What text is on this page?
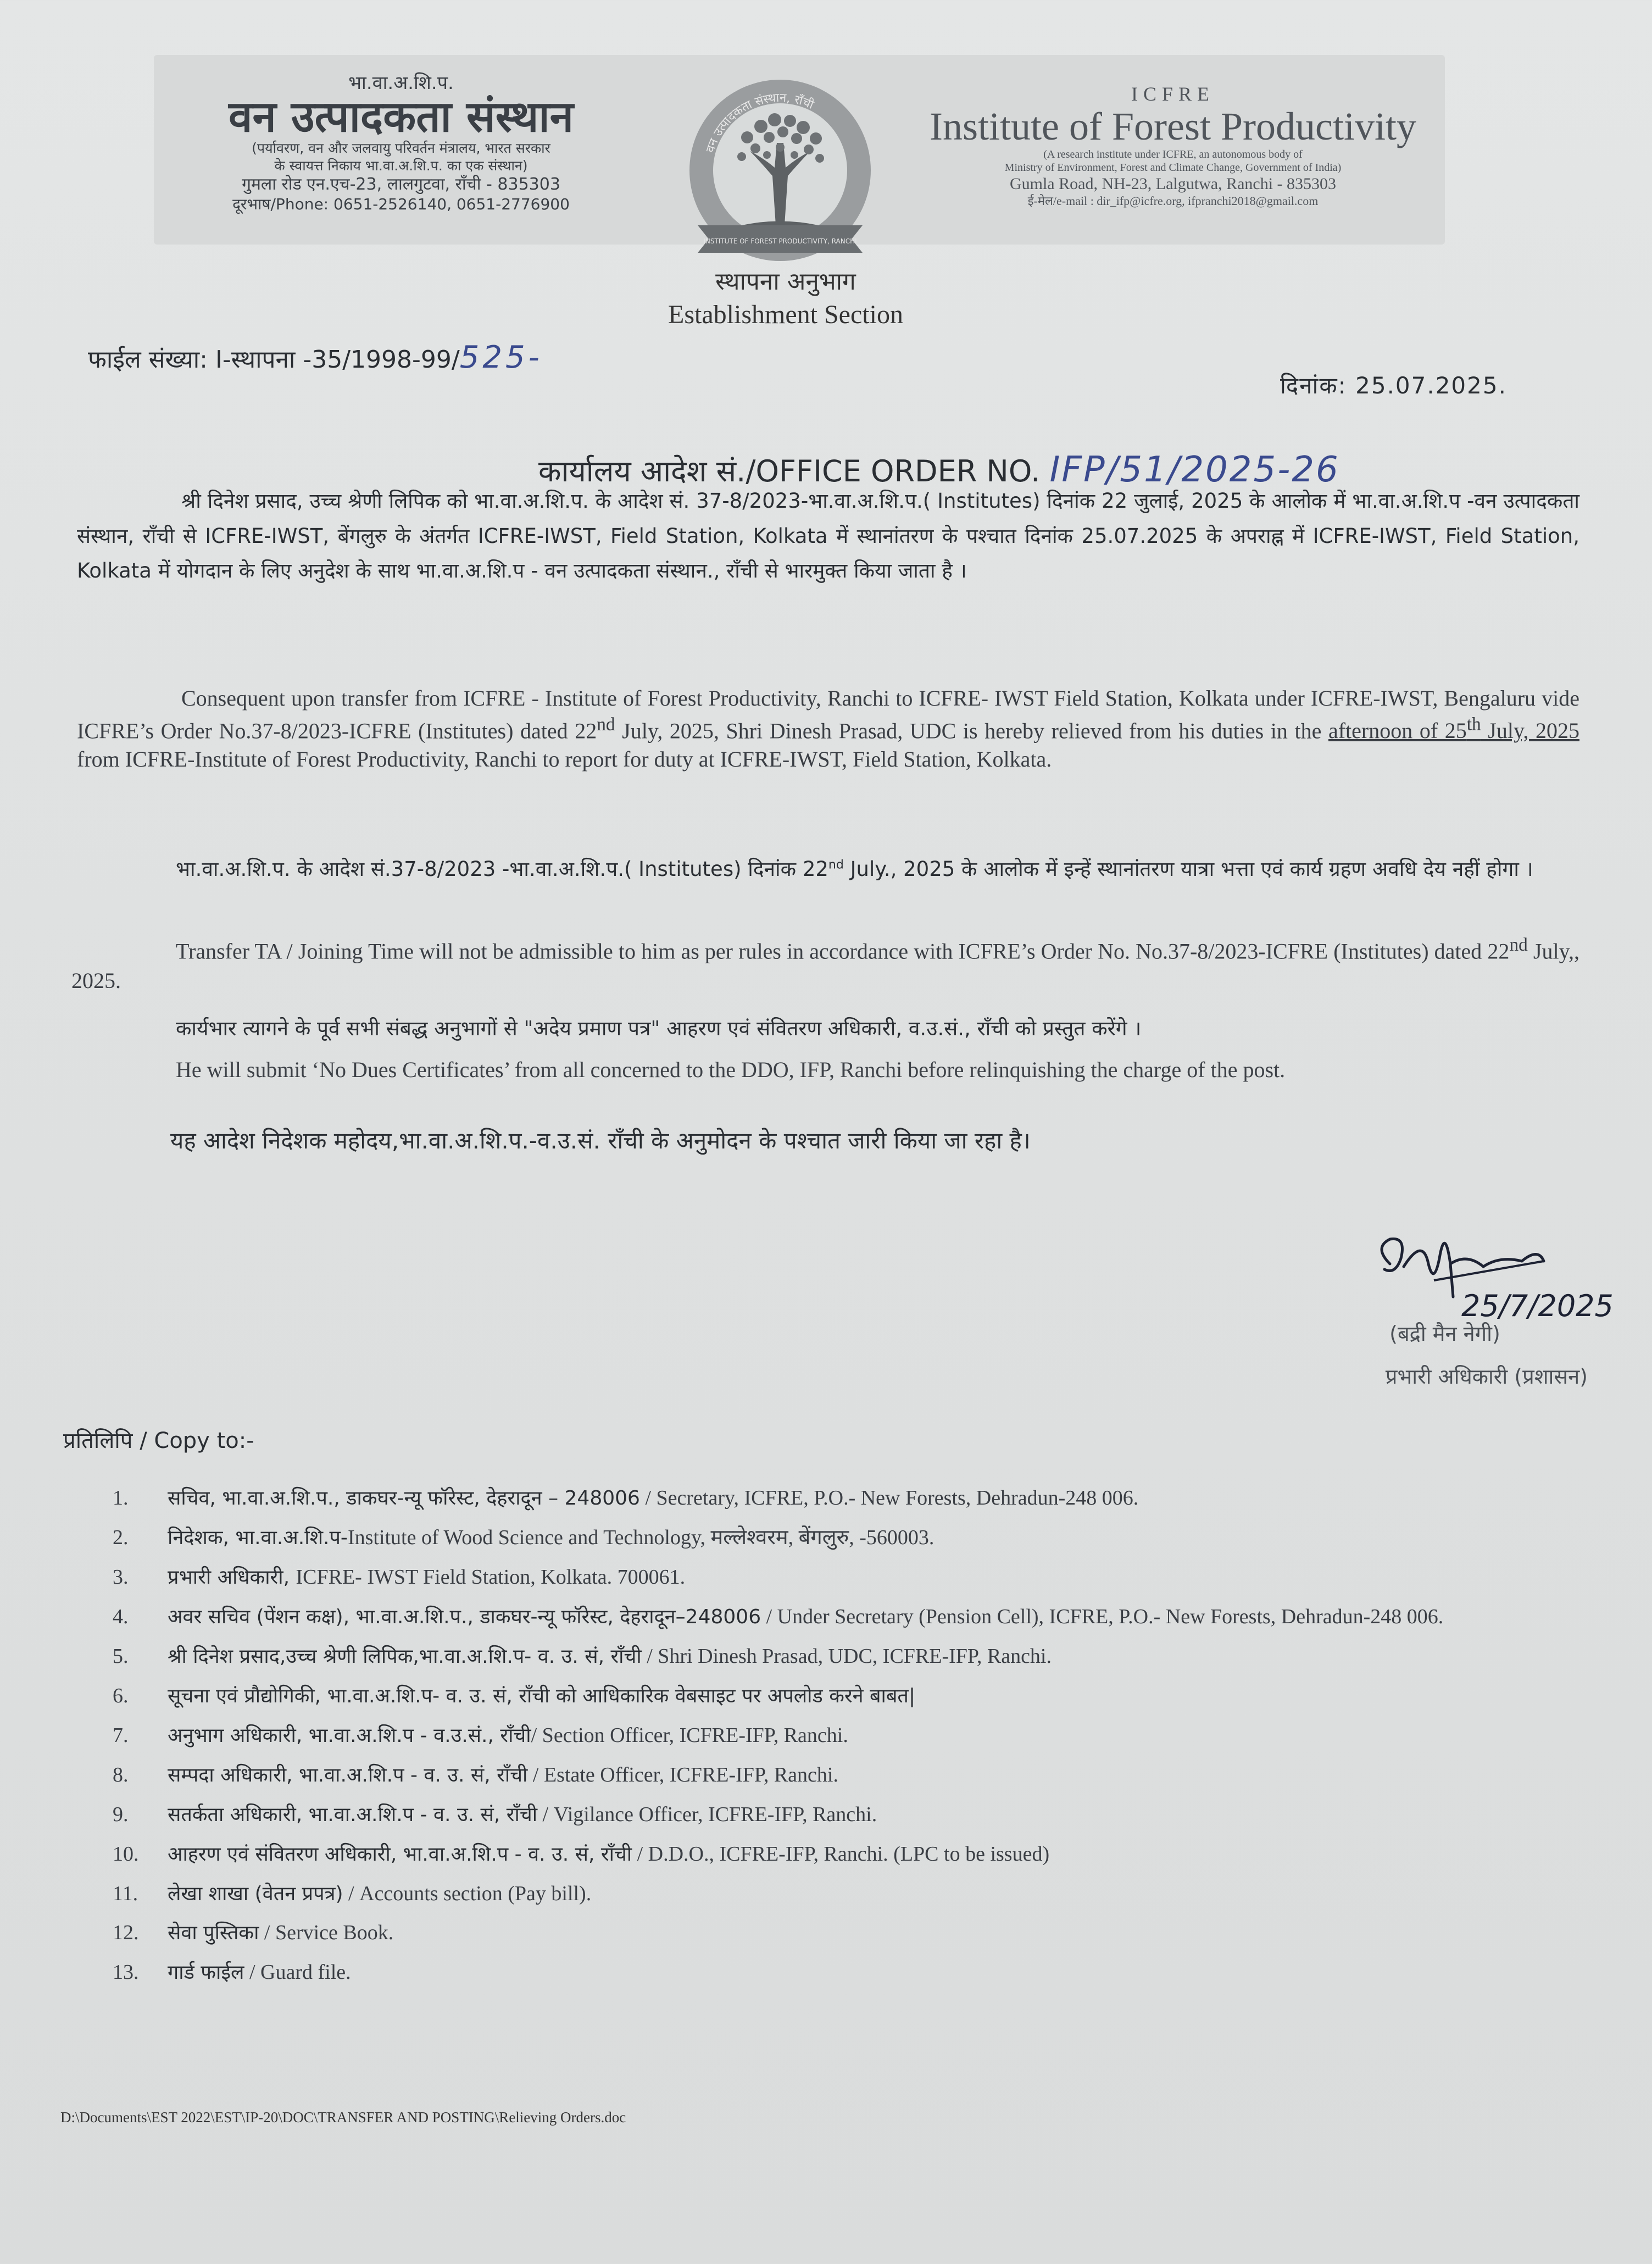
भा.वा.अ.शि.प.
वन उत्पादकता संस्थान
(पर्यावरण, वन और जलवायु परिवर्तन मंत्रालय, भारत सरकार
के स्वायत्त निकाय भा.वा.अ.शि.प. का एक संस्थान)
गुमला रोड एन.एच-23, लालगुटवा, राँची - 835303
दूरभाष/Phone: 0651-2526140, 0651-2776900
वन उत्पादकता संस्थान, राँची
INSTITUTE OF FOREST PRODUCTIVITY, RANCHI
ICFRE
Institute of Forest Productivity
(A research institute under ICFRE, an autonomous body of
Ministry of Environment, Forest and Climate Change, Government of India)
Gumla Road, NH-23, Lalgutwa, Ranchi - 835303
ई-मेल/e-mail : dir_ifp@icfre.org, ifpranchi2018@gmail.com
स्थापना अनुभाग
Establishment Section
फाईल संख्या: I-स्थापना -35/1998-99/525-
दिनांक: 25.07.2025.
कार्यालय आदेश सं./OFFICE ORDER NO. IFP/51/2025-26
श्री दिनेश प्रसाद, उच्च श्रेणी लिपिक को भा.वा.अ.शि.प. के आदेश सं. 37-8/2023-भा.वा.अ.शि.प.( Institutes) दिनांक 22 जुलाई, 2025 के आलोक में भा.वा.अ.शि.प -वन उत्पादकता संस्थान, राँची से ICFRE-IWST, बेंगलुरु के अंतर्गत ICFRE-IWST, Field Station, Kolkata में स्थानांतरण के पश्चात दिनांक 25.07.2025 के अपराह्न में ICFRE-IWST, Field Station, Kolkata में योगदान के लिए अनुदेश के साथ भा.वा.अ.शि.प - वन उत्पादकता संस्थान., राँची से भारमुक्त किया जाता है ।
Consequent upon transfer from ICFRE - Institute of Forest Productivity, Ranchi to ICFRE- IWST Field Station, Kolkata under ICFRE-IWST, Bengaluru vide ICFRE’s Order No.37-8/2023-ICFRE (Institutes) dated 22nd July, 2025, Shri Dinesh Prasad, UDC is hereby relieved from his duties in the afternoon of 25th July, 2025 from ICFRE-Institute of Forest Productivity, Ranchi to report for duty at ICFRE-IWST, Field Station, Kolkata.
भा.वा.अ.शि.प. के आदेश सं.37-8/2023 -भा.वा.अ.शि.प.( Institutes) दिनांक 22nd July., 2025 के आलोक में इन्हें स्थानांतरण यात्रा भत्ता एवं कार्य ग्रहण अवधि देय नहीं होगा ।
Transfer TA / Joining Time will not be admissible to him as per rules in accordance with ICFRE’s Order No. No.37-8/2023-ICFRE (Institutes) dated 22nd July,, 2025.
कार्यभार त्यागने के पूर्व सभी संबद्ध अनुभागों से "अदेय प्रमाण पत्र" आहरण एवं संवितरण अधिकारी, व.उ.सं., राँची को प्रस्तुत करेंगे ।
He will submit ‘No Dues Certificates’ from all concerned to the DDO, IFP, Ranchi before relinquishing the charge of the post.
यह आदेश निदेशक महोदय,भा.वा.अ.शि.प.-व.उ.सं. राँची के अनुमोदन के पश्चात जारी किया जा रहा है।
25/7/2025
(बद्री मैन नेगी)
प्रभारी अधिकारी (प्रशासन)
प्रतिलिपि / Copy to:-
1. सचिव, भा.वा.अ.शि.प., डाकघर-न्यू फॉरेस्ट, देहरादून – 248006 / Secretary, ICFRE, P.O.- New Forests, Dehradun-248 006.
2. निदेशक, भा.वा.अ.शि.प-Institute of Wood Science and Technology, मल्लेश्वरम, बेंगलुरु, -560003.
3. प्रभारी अधिकारी, ICFRE- IWST Field Station, Kolkata. 700061.
4. अवर सचिव (पेंशन कक्ष), भा.वा.अ.शि.प., डाकघर-न्यू फॉरेस्ट, देहरादून–248006 / Under Secretary (Pension Cell), ICFRE, P.O.- New Forests, Dehradun-248 006.
5. श्री दिनेश प्रसाद,उच्च श्रेणी लिपिक,भा.वा.अ.शि.प- व. उ. सं, राँची / Shri Dinesh Prasad, UDC, ICFRE-IFP, Ranchi.
6. सूचना एवं प्रौद्योगिकी, भा.वा.अ.शि.प- व. उ. सं, राँची को आधिकारिक वेबसाइट पर अपलोड करने बाबत|
7. अनुभाग अधिकारी, भा.वा.अ.शि.प - व.उ.सं., राँची/ Section Officer, ICFRE-IFP, Ranchi.
8. सम्पदा अधिकारी, भा.वा.अ.शि.प - व. उ. सं, राँची / Estate Officer, ICFRE-IFP, Ranchi.
9. सतर्कता अधिकारी, भा.वा.अ.शि.प - व. उ. सं, राँची / Vigilance Officer, ICFRE-IFP, Ranchi.
10. आहरण एवं संवितरण अधिकारी, भा.वा.अ.शि.प - व. उ. सं, राँची / D.D.O., ICFRE-IFP, Ranchi. (LPC to be issued)
11. लेखा शाखा (वेतन प्रपत्र) / Accounts section (Pay bill).
12. सेवा पुस्तिका / Service Book.
13. गार्ड फाईल / Guard file.
D:\Documents\EST 2022\EST\IP-20\DOC\TRANSFER AND POSTING\Relieving Orders.doc
